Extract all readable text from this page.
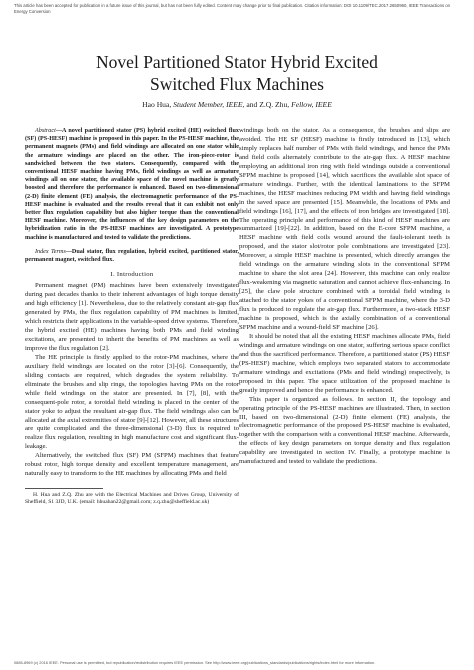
This article has been accepted for publication in a future issue of this journal, but has not been fully edited. Content may change prior to final publication. Citation information: DOI 10.1109/TEC.2017.2650960, IEEE Transactions on Energy Conversion
Novel Partitioned Stator Hybrid Excited
Switched Flux Machines
Hao Hua, Student Member, IEEE, and Z.Q. Zhu, Fellow, IEEE

Abstract—A novel partitioned stator (PS) hybrid excited (HE) switched flux (SF) (PS-HESF) machine is proposed in this paper. In the PS-HESF machine, the permanent magnets (PMs) and field windings are allocated on one stator while the armature windings are placed on the other. The iron-piece-rotor is sandwiched between the two stators. Consequently, compared with the conventional HESF machine having PMs, field windings as well as armature windings all on one stator, the available space of the novel machine is greatly boosted and therefore the performance is enhanced. Based on two-dimensional (2-D) finite element (FE) analysis, the electromagnetic performance of the PS-HESF machine is evaluated and the results reveal that it can exhibit not only better flux regulation capability but also higher torque than the conventional HESF machine. Moreover, the influences of the key design parameters on the hybridization ratio in the PS-HESF machines are investigated. A prototype machine is manufactured and tested to validate the predictions.

Index Terms—Dual stator, flux regulation, hybrid excited, partitioned stator, permanent magnet, switched flux.

I. Introduction

Permanent magnet (PM) machines have been extensively investigated during past decades thanks to their inherent advantages of high torque density and high efficiency [1]. Nevertheless, due to the relatively constant air-gap flux generated by PMs, the flux regulation capability of PM machines is limited, which restricts their applications in the variable-speed drive systems. Therefore, the hybrid excited (HE) machines having both PMs and field winding excitations, are presented to inherit the benefits of PM machines as well as improve the flux regulation [2].

The HE principle is firstly applied to the rotor-PM machines, where the auxiliary field windings are located on the rotor [3]-[6]. Consequently, the sliding contacts are required, which degrades the system reliability. To eliminate the brushes and slip rings, the topologies having PMs on the rotor while field windings on the stator are presented. In [7], [8], with the consequent-pole rotor, a toroidal field winding is placed in the center of the stator yoke to adjust the resultant air-gap flux. The field windings also can be allocated at the axial extremities of stator [9]-[12]. However, all these structures are quite complicated and the three-dimensional (3-D) flux is required to realize flux regulation, resulting in high manufacture cost and significant flux-leakage.

Alternatively, the switched flux (SF) PM (SFPM) machines that feature robust rotor, high torque density and excellent temperature management, are naturally easy to transform to the HE machines by allocating PMs and field

H. Hua and Z.Q. Zhu are with the Electrical Machines and Drives Group, University of Sheffield, S1 3JD, U.K. (email: hhuahan22@gmail.com; z.q.zhu@sheffield.ac.uk)

windings both on the stator. As a consequence, the brushes and slips are avoided. The HE SF (HESF) machine is firstly introduced in [13], which simply replaces half number of PMs with field windings, and hence the PMs and field coils alternately contribute to the air-gap flux. A HESF machine employing an additional iron ring with field windings outside a conventional SFPM machine is proposed [14], which sacrifices the available slot space of armature windings. Further, with the identical laminations to the SFPM machines, the HESF machines reducing PM width and having field windings in the saved space are presented [15]. Meanwhile, the locations of PMs and field windings [16], [17], and the effects of iron bridges are investigated [18]. The operating principle and performance of this kind of HESF machines are summarized [19]-[22]. In addition, based on the E-core SFPM machine, a HESF machine with field coils wound around the fault-tolerant teeth is proposed, and the stator slot/rotor pole combinations are investigated [23]. Moreover, a simple HESF machine is presented, which directly arranges the field windings on the armature winding slots in the conventional SFPM machine to share the slot area [24]. However, this machine can only realize flux-weakening via magnetic saturation and cannot achieve flux-enhancing. In [25], the claw pole structure combined with a toroidal field winding is attached to the stator yokes of a conventional SFPM machine, where the 3-D flux is produced to regulate the air-gap flux. Furthermore, a two-stack HESF machine is proposed, which is the axially combination of a conventional SFPM machine and a wound-field SF machine [26].

It should be noted that all the existing HESF machines allocate PMs, field windings and armature windings on one stator, suffering serious space conflict and thus the sacrificed performance. Therefore, a partitioned stator (PS) HESF (PS-HESF) machine, which employs two separated stators to accommodate armature windings and excitations (PMs and field winding) respectively, is proposed in this paper. The space utilization of the proposed machine is greatly improved and hence the performance is enhanced.

This paper is organized as follows. In section II, the topology and operating principle of the PS-HESF machines are illustrated. Then, in section III, based on two-dimensional (2-D) finite element (FE) analysis, the electromagnetic performance of the proposed PS-HESF machine is evaluated, together with the comparison with a conventional HESF machine. Afterwards, the effects of key design parameters on torque density and flux regulation capability are investigated in section IV. Finally, a prototype machine is manufactured and tested to validate the predictions.

0885-8969 (c) 2016 IEEE. Personal use is permitted, but republication/redistribution requires IEEE permission. See http://www.ieee.org/publications_standards/publications/rights/index.html for more information.
